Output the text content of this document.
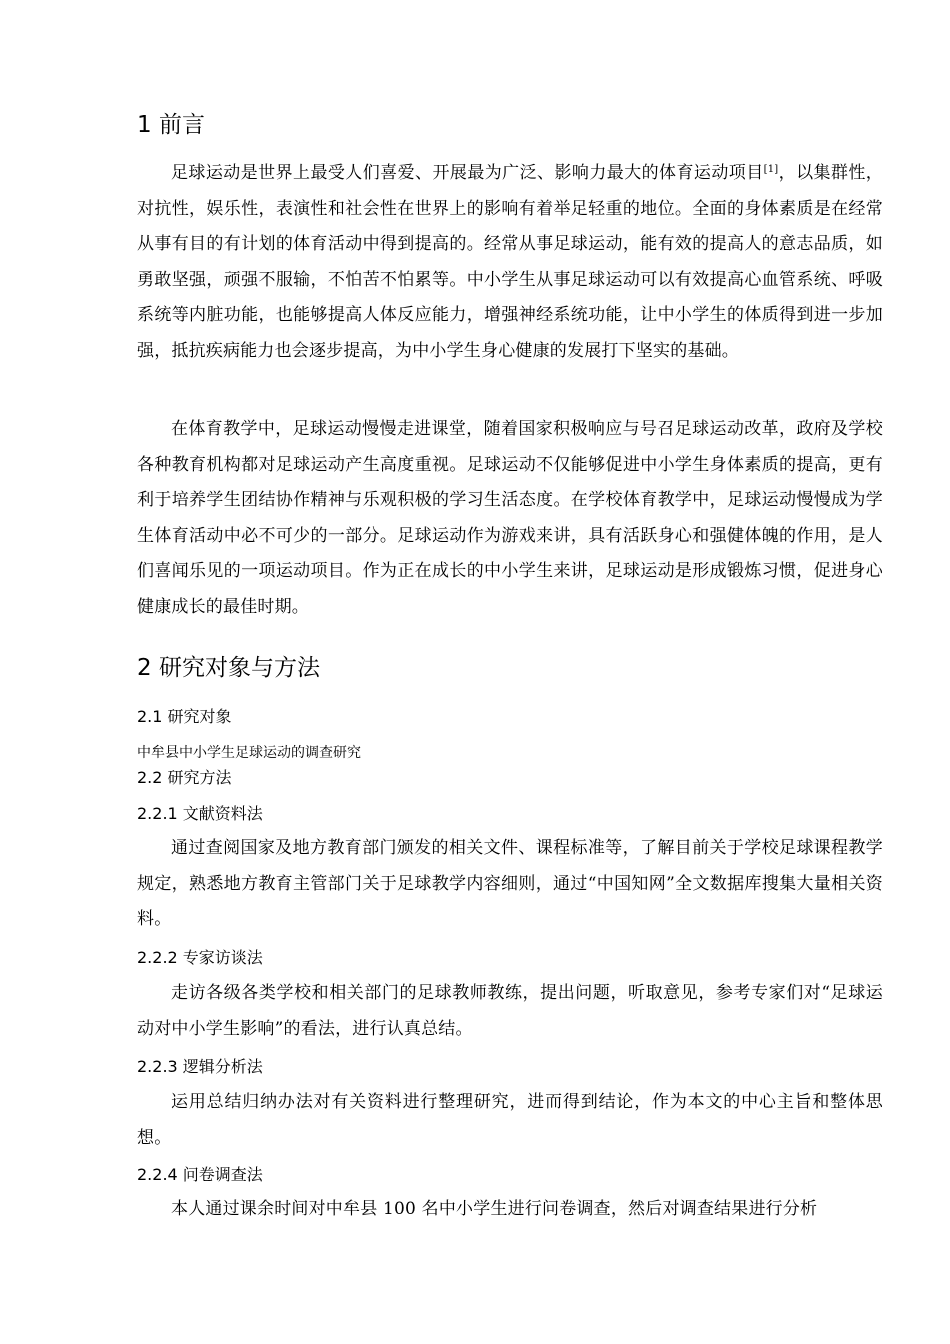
1 前言

足球运动是世界上最受人们喜爱、开展最为广泛、影响力最大的体育运动项目[1]，以集群性，对抗性，娱乐性，表演性和社会性在世界上的影响有着举足轻重的地位。全面的身体素质是在经常从事有目的有计划的体育活动中得到提高的。经常从事足球运动，能有效的提高人的意志品质，如勇敢坚强，顽强不服输，不怕苦不怕累等。中小学生从事足球运动可以有效提高心血管系统、呼吸系统等内脏功能，也能够提高人体反应能力，增强神经系统功能，让中小学生的体质得到进一步加强，抵抗疾病能力也会逐步提高，为中小学生身心健康的发展打下坚实的基础。

在体育教学中，足球运动慢慢走进课堂，随着国家积极响应与号召足球运动改革，政府及学校各种教育机构都对足球运动产生高度重视。足球运动不仅能够促进中小学生身体素质的提高，更有利于培养学生团结协作精神与乐观积极的学习生活态度。在学校体育教学中，足球运动慢慢成为学生体育活动中必不可少的一部分。足球运动作为游戏来讲，具有活跃身心和强健体魄的作用，是人们喜闻乐见的一项运动项目。作为正在成长的中小学生来讲，足球运动是形成锻炼习惯，促进身心健康成长的最佳时期。

2 研究对象与方法
2.1 研究对象

中牟县中小学生足球运动的调查研究

2.2 研究方法
2.2.1 文献资料法

通过查阅国家及地方教育部门颁发的相关文件、课程标准等，了解目前关于学校足球课程教学规定，熟悉地方教育主管部门关于足球教学内容细则，通过“中国知网”全文数据库搜集大量相关资料。

2.2.2 专家访谈法

走访各级各类学校和相关部门的足球教师教练，提出问题，听取意见，参考专家们对“足球运动对中小学生影响”的看法，进行认真总结。

2.2.3 逻辑分析法

运用总结归纳办法对有关资料进行整理研究，进而得到结论，作为本文的中心主旨和整体思想。

2.2.4 问卷调查法

本人通过课余时间对中牟县 100 名中小学生进行问卷调查，然后对调查结果进行分析
